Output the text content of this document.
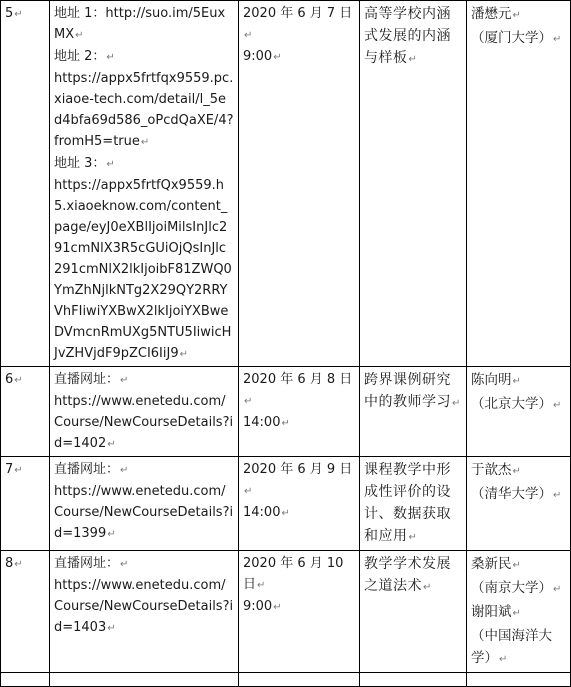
5↵	地址 1：http://suo.im/5EuxMX↵
地址 2：↵
https://appx5frtfqx9559.pc.xiaoe-tech.com/detail/l_5ed4bfa69d586_oPcdQaXE/4?fromH5=true↵
地址 3：↵
https://appx5frtfQx9559.h5.xiaoeknow.com/content_page/eyJ0eXBlIjoiMilsInJlc291cmNlX3R5cGUiOjQsInJlc291cmNlX2lkIjoibF81ZWQ0YmZhNjlkNTg2X29QY2RRYVhFIiwiYXBwX2lkIjoiYXBweDVmcnRmUXg5NTU5IiwicHJvZHVjdF9pZCI6IiJ9↵	2020 年 6 月 7 日↵
9:00↵	高等学校内涵式发展的内涵与样板↵	潘懋元↵
（厦门大学）↵

6↵	直播网址：↵
https://www.enetedu.com/Course/NewCourseDetails?id=1402↵	2020 年 6 月 8 日↵
14:00↵	跨界课例研究中的教师学习↵	陈向明↵
（北京大学）↵

7↵	直播网址：↵
https://www.enetedu.com/Course/NewCourseDetails?id=1399↵	2020 年 6 月 9 日↵
14:00↵	课程教学中形成性评价的设计、数据获取和应用↵	于歆杰↵
（清华大学）↵

8↵	直播网址：↵
https://www.enetedu.com/Course/NewCourseDetails?id=1403↵	2020 年 6 月 10 日↵
9:00↵	教学学术发展之道法术↵	桑新民↵
（南京大学）↵
谢阳斌↵
（中国海洋大学）↵
